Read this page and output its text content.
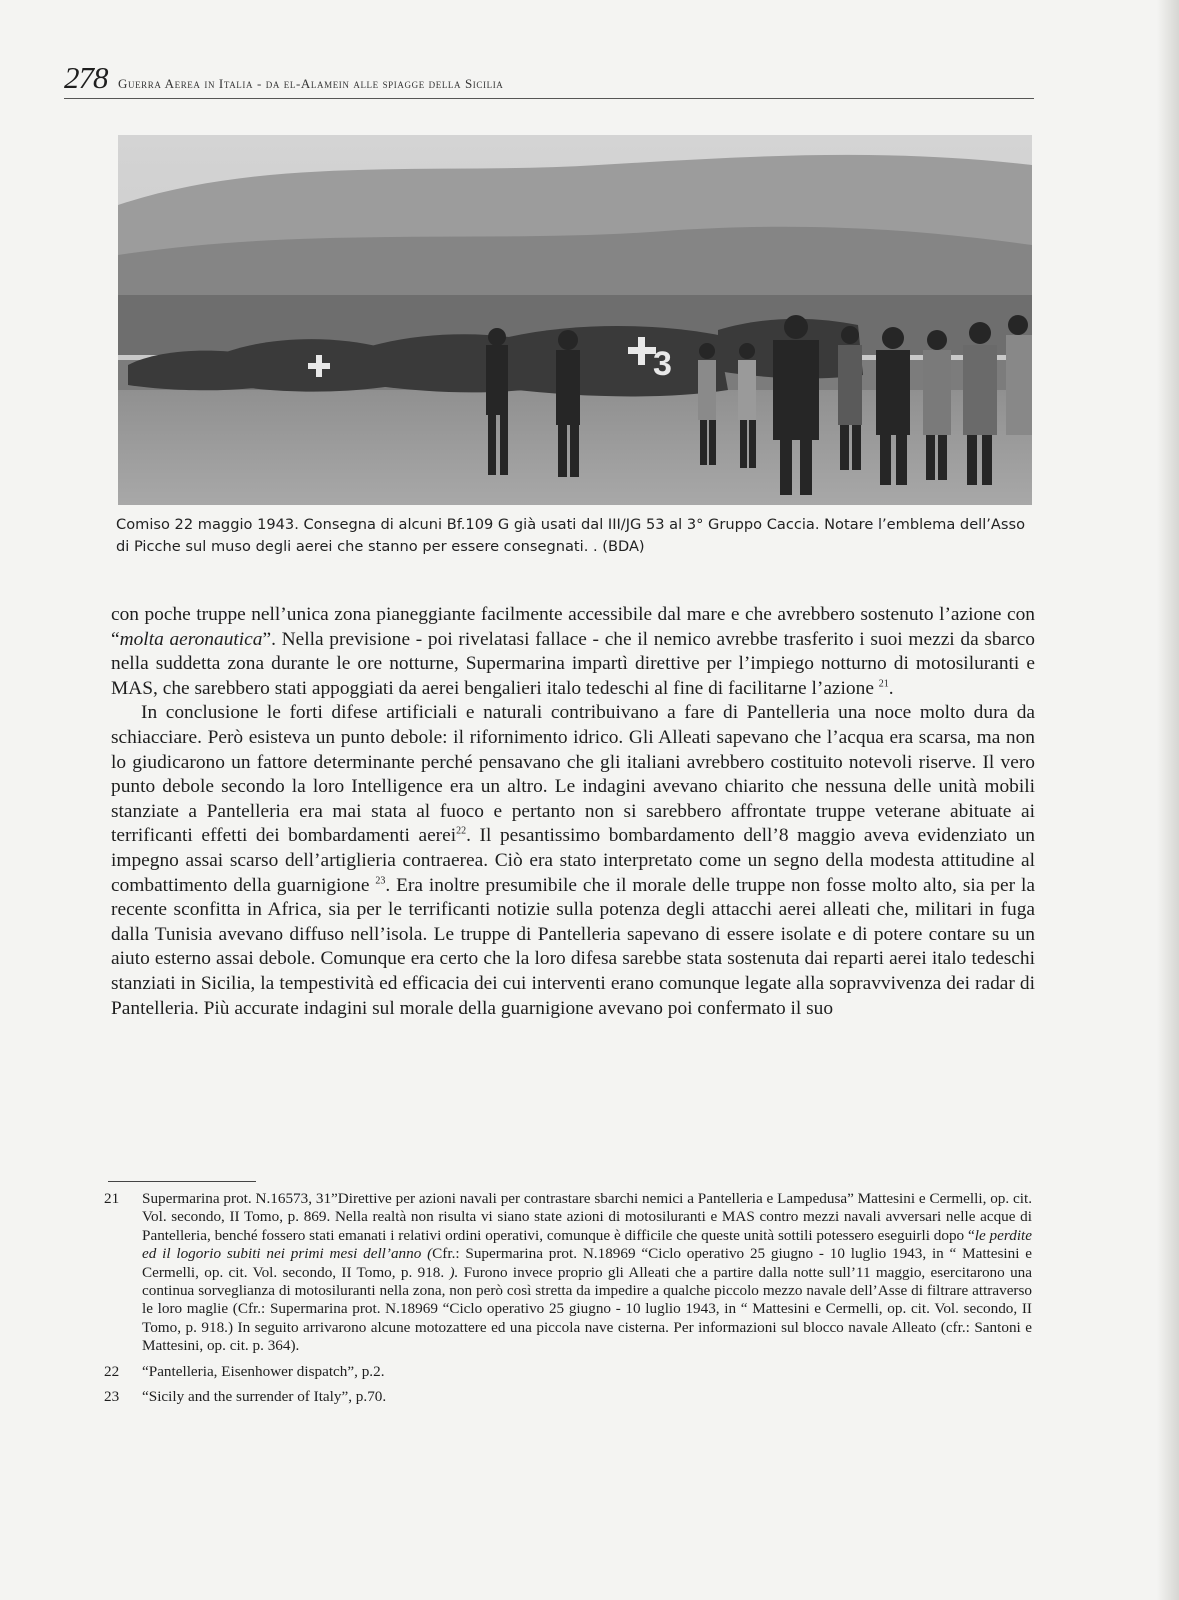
278 Guerra Aerea in Italia - da el-Alamein alle spiagge della Sicilia
3
Comiso 22 maggio 1943. Consegna di alcuni Bf.109 G già usati dal III/JG 53 al 3° Gruppo Caccia. Notare l’emblema dell’Asso
di Picche sul muso degli aerei che stanno per essere consegnati. . (BDA)

con poche truppe nell’unica zona pianeggiante facilmente accessibile dal mare e che avrebbero sostenuto l’azione con “molta aeronautica”. Nella previsione - poi rivelatasi fallace - che il nemico avrebbe trasferito i suoi mezzi da sbarco nella suddetta zona durante le ore notturne, Supermarina impartì direttive per l’impiego notturno di motosiluranti e MAS, che sarebbero stati appoggiati da aerei bengalieri italo tedeschi al fine di facilitarne l’azione $^{21}$.

In conclusione le forti difese artificiali e naturali contribuivano a fare di Pantelleria una noce molto dura da schiacciare. Però esisteva un punto debole: il rifornimento idrico. Gli Alleati sapevano che l’acqua era scarsa, ma non lo giudicarono un fattore determinante perché pensavano che gli italiani avrebbero costituito notevoli riserve. Il vero punto debole secondo la loro Intelligence era un altro. Le indagini avevano chiarito che nessuna delle unità mobili stanziate a Pantelleria era mai stata al fuoco e pertanto non si sarebbero affrontate truppe veterane abituate ai terrificanti effetti dei bombardamenti aerei$^{22}$. Il pesantissimo bombardamento dell’8 maggio aveva evidenziato un impegno assai scarso dell’artiglieria contraerea. Ciò era stato interpretato come un segno della modesta attitudine al combattimento della guarnigione $^{23}$. Era inoltre presumibile che il morale delle truppe non fosse molto alto, sia per la recente sconfitta in Africa, sia per le terrificanti notizie sulla potenza degli attacchi aerei alleati che, militari in fuga dalla Tunisia avevano diffuso nell’isola. Le truppe di Pantelleria sapevano di essere isolate e di potere contare su un aiuto esterno assai debole. Comunque era certo che la loro difesa sarebbe stata sostenuta dai reparti aerei italo tedeschi stanziati in Sicilia, la tempestività ed efficacia dei cui interventi erano comunque legate alla sopravvivenza dei radar di Pantelleria. Più accurate indagini sul morale della guarnigione avevano poi confermato il suo

21	Supermarina prot. N.16573, 31”Direttive per azioni navali per contrastare sbarchi nemici a Pantelleria e Lampedusa” Mattesini e Cermelli, op. cit. Vol. secondo, II Tomo, p. 869. Nella realtà non risulta vi siano state azioni di motosiluranti e MAS contro mezzi navali avversari nelle acque di Pantelleria, benché fossero stati emanati i relativi ordini operativi, comunque è difficile che queste unità sottili potessero eseguirli dopo “le perdite ed il logorio subiti nei primi mesi dell’anno (Cfr.: Supermarina prot. N.18969 “Ciclo operativo 25 giugno - 10 luglio 1943, in “ Mattesini e Cermelli, op. cit. Vol. secondo, II Tomo, p. 918. ). Furono invece proprio gli Alleati che a partire dalla notte sull’11 maggio, esercitarono una continua sorveglianza di motosiluranti nella zona, non però così stretta da impedire a qualche piccolo mezzo navale dell’Asse di filtrare attraverso le loro maglie (Cfr.: Supermarina prot. N.18969 “Ciclo operativo 25 giugno - 10 luglio 1943, in “ Mattesini e Cermelli, op. cit. Vol. secondo, II Tomo, p. 918.) In seguito arrivarono alcune motozattere ed una piccola nave cisterna. Per informazioni sul blocco navale Alleato (cfr.: Santoni e Mattesini, op. cit. p. 364).
22	“Pantelleria, Eisenhower dispatch”, p.2.
23	“Sicily and the surrender of Italy”, p.70.
